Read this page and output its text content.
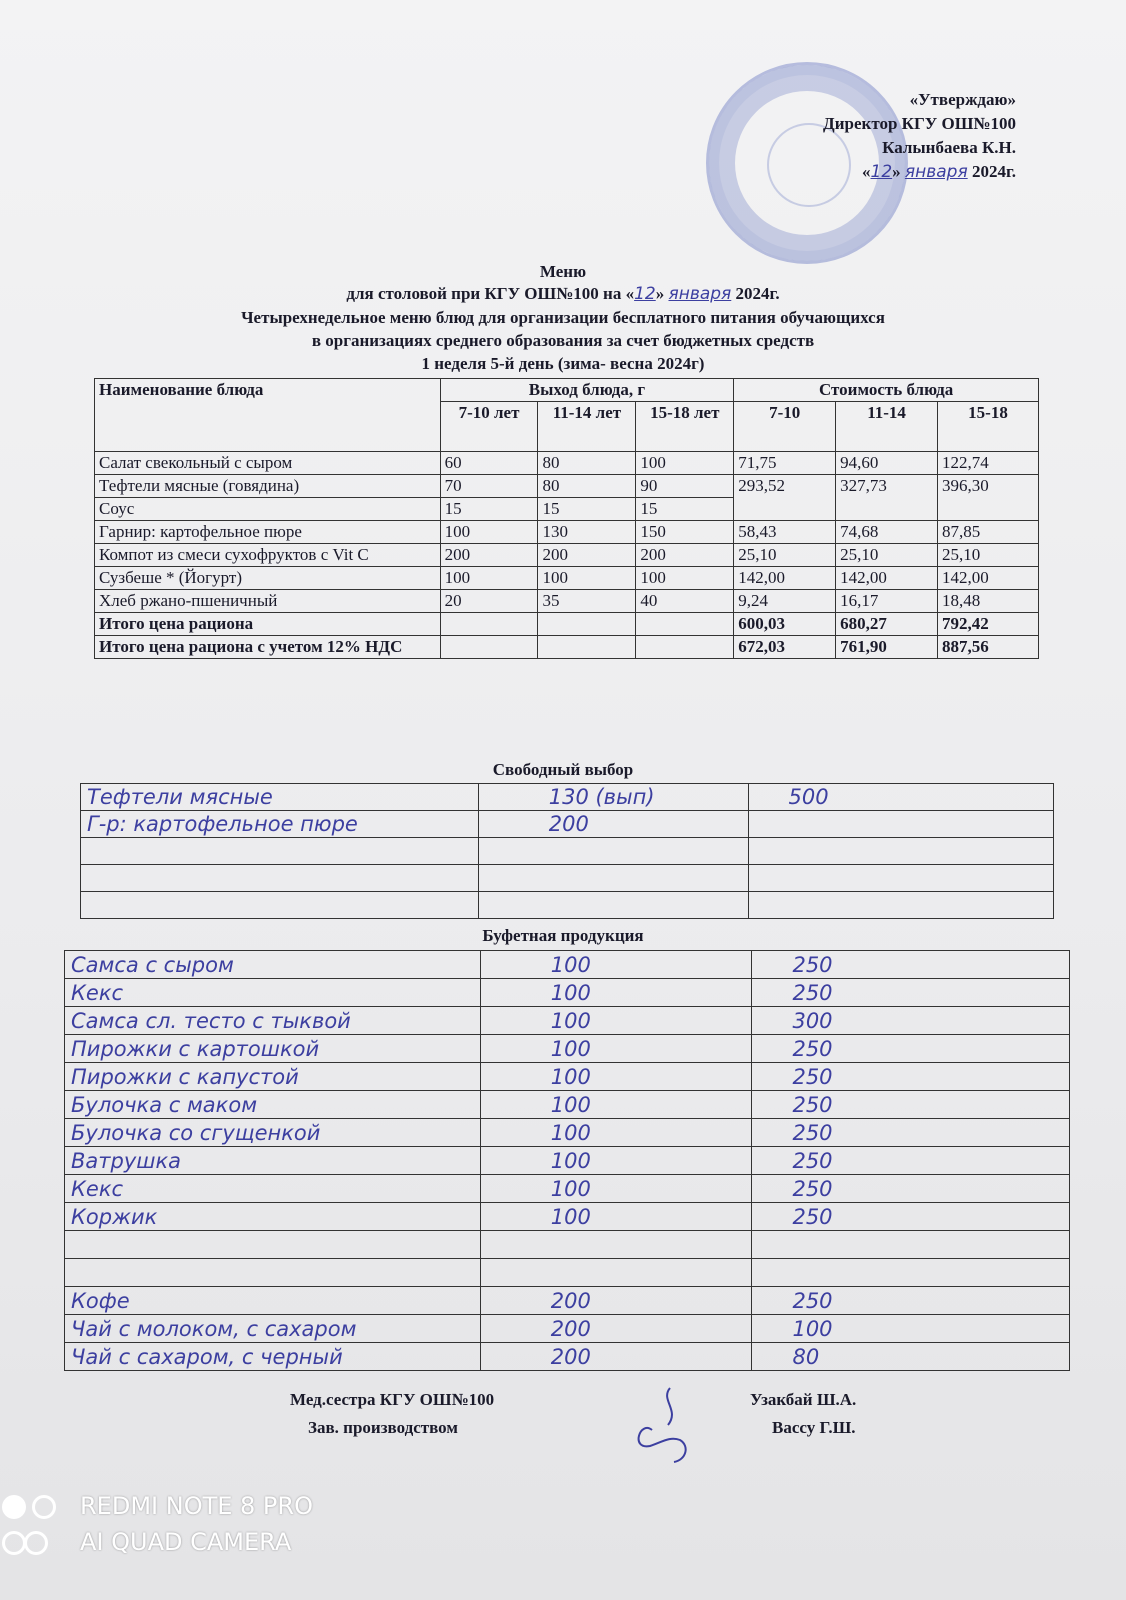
«Утверждаю»
Директор КГУ ОШ№100
Калынбаева К.Н.
«12» января 2024г.
Меню
для столовой при КГУ ОШ№100 на «12» января 2024г.
Четырехнедельное меню блюд для организации бесплатного питания обучающихся
в организациях среднего образования за счет бюджетных средств
1 неделя 5-й день (зима- весна 2024г)
Наименование блюда	Выход блюда, г			Стоимость блюда		
	7-10 лет	11-14 лет	15-18 лет	7-10	11-14	15-18
Салат свекольный с сыром	60	80	100	71,75	94,60	122,74
Тефтели мясные (говядина)	70	80	90	293,52	327,73	396,30
Соус	15	15	15			
Гарнир: картофельное пюре	100	130	150	58,43	74,68	87,85
Компот из смеси сухофруктов с Vit C	200	200	200	25,10	25,10	25,10
Сузбеше * (Йогурт)	100	100	100	142,00	142,00	142,00
Хлеб ржано-пшеничный	20	35	40	9,24	16,17	18,48
Итого цена рациона				600,03	680,27	792,42
Итого цена рациона с учетом 12% НДС				672,03	761,90	887,56
Свободный выбор
Тефтели мясные	130 (вып)	500
Г-р: картофельное пюре	200	

Буфетная продукция
Самса с сыром	100	250
Кекс	100	250
Самса сл. тесто с тыквой	100	300
Пирожки с картошкой	100	250
Пирожки с капустой	100	250
Булочка с маком	100	250
Булочка со сгущенкой	100	250
Ватрушка	100	250
Кекс	100	250
Коржик	100	250

Кофе	200	250
Чай с молоком, с сахаром	200	100
Чай с сахаром, с черный	200	80
Мед.сестра КГУ ОШ№100	Узакбай Ш.А.
Зав. производством	Вассу Г.Ш.
REDMI NOTE 8 PRO
AI QUAD CAMERA
